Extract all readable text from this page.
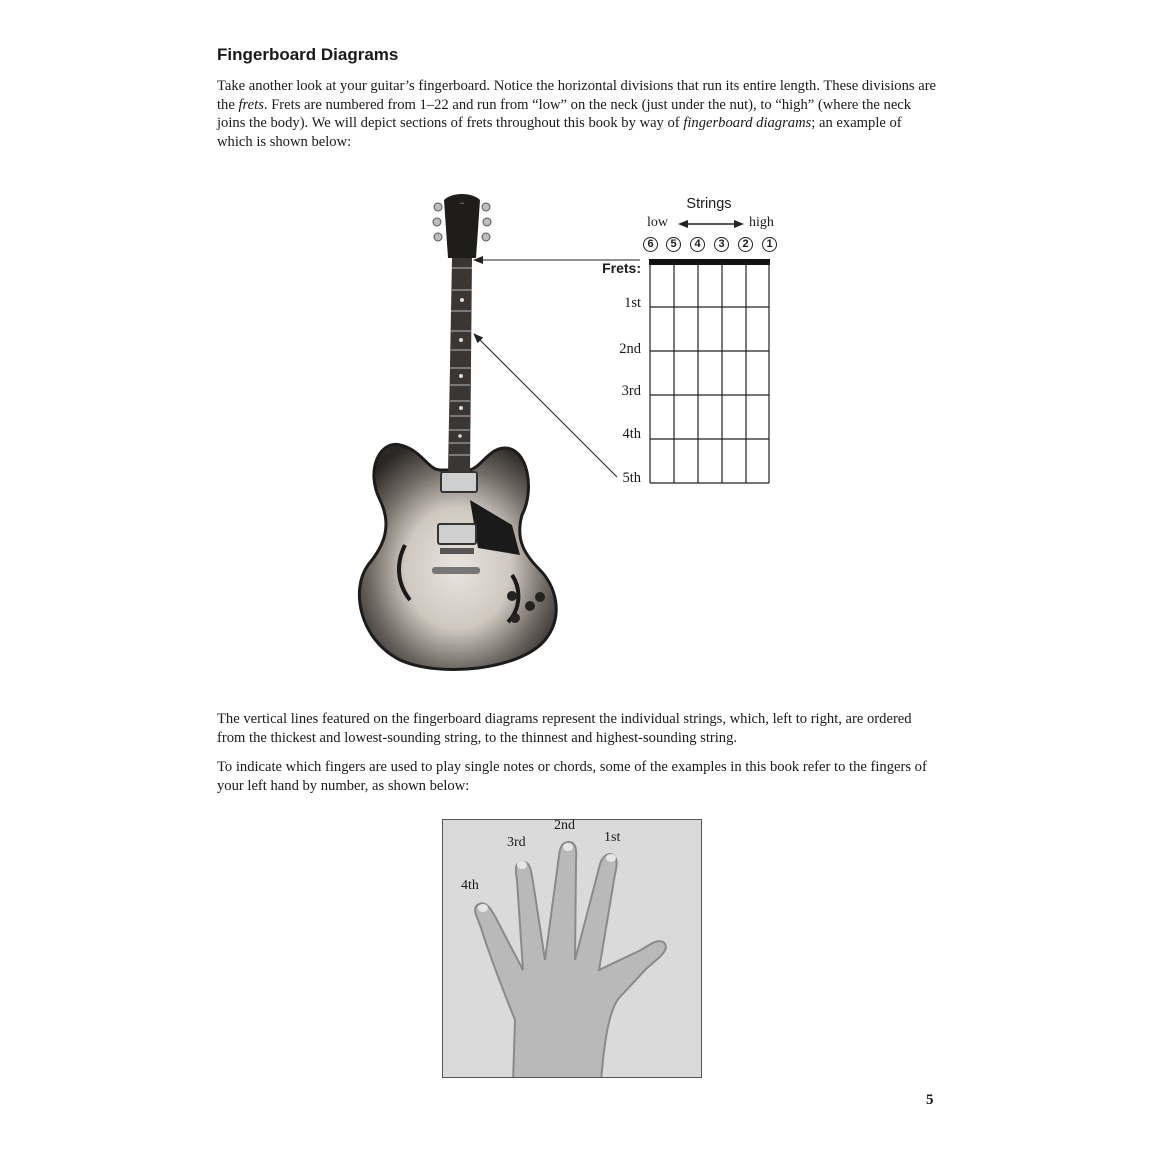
Fingerboard Diagrams

Take another look at your guitar’s fingerboard. Notice the horizontal divisions that run its entire length. These divisions are the frets. Frets are numbered from 1–22 and run from “low” on the neck (just under the nut), to “high” (where the neck joins the body). We will depict sections of frets throughout this book by way of fingerboard diagrams; an example of which is shown below:

~	Strings
low	high
6	5	4	3	2	1
Frets:
1st
2nd
3rd
4th
5th

The vertical lines featured on the fingerboard diagrams represent the individual strings, which, left to right, are ordered from the thickest and lowest-sounding string, to the thinnest and highest-sounding string.

To indicate which fingers are used to play single notes or chords, some of the examples in this book refer to the fingers of your left hand by number, as shown below:

4th
3rd
2nd
1st
5
